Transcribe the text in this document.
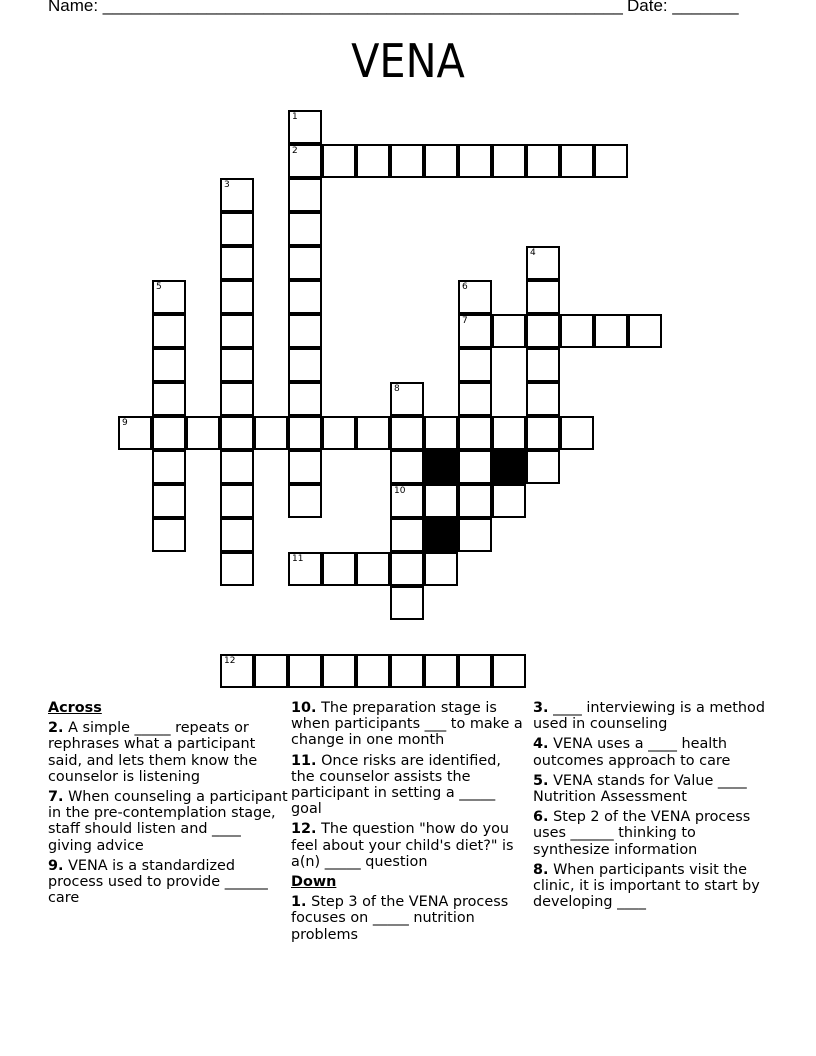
Name: _______________________________________________________ Date: _______
VENA
2
7
9
10
11
12
1
3
4
5	6
8
Across
2. A simple _____ repeats or rephrases what a participant said, and lets them know the counselor is listening
7. When counseling a participant in the pre-contemplation stage, staff should listen and ____ giving advice
9. VENA is a standardized process used to provide ______ care
10. The preparation stage is when participants ___ to make a change in one month
11. Once risks are identified, the counselor assists the participant in setting a _____ goal
12. The question "how do you feel about your child's diet?" is a(n) _____ question
Down
1. Step 3 of the VENA process focuses on _____ nutrition problems
3. ____ interviewing is a method used in counseling
4. VENA uses a ____ health outcomes approach to care
5. VENA stands for Value ____ Nutrition Assessment
6. Step 2 of the VENA process uses ______ thinking to synthesize information
8. When participants visit the clinic, it is important to start by developing ____
